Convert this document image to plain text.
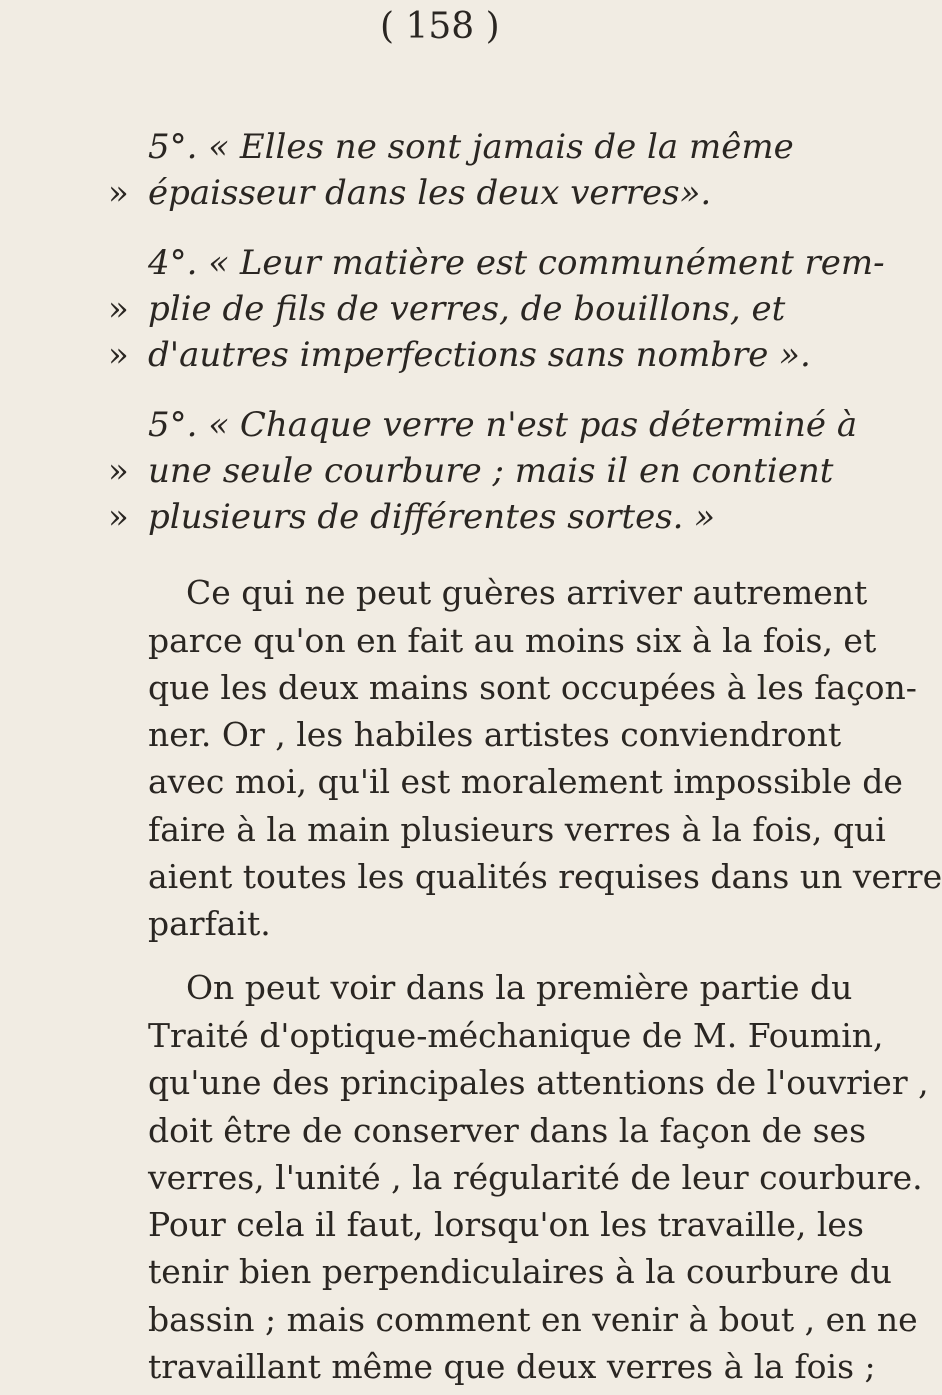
( 158 )
5°. « Elles ne sont jamais de la même
» épaisseur dans les deux verres».
4°. « Leur matière est communément rem-
» plie de fils de verres, de bouillons, et
» d'autres imperfections sans nombre ».
5°. « Chaque verre n'est pas déterminé à
» une seule courbure ; mais il en contient
» plusieurs de différentes sortes. »
Ce qui ne peut guères arriver autrement
parce qu'on en fait au moins six à la fois, et
que les deux mains sont occupées à les façon-
ner. Or , les habiles artistes conviendront
avec moi, qu'il est moralement impossible de
faire à la main plusieurs verres à la fois, qui
aient toutes les qualités requises dans un verre
parfait.
On peut voir dans la première partie du
Traité d'optique-méchanique de M. Foumin,
qu'une des principales attentions de l'ouvrier ,
doit être de conserver dans la façon de ses
verres, l'unité , la régularité de leur courbure.
Pour cela il faut, lorsqu'on les travaille, les
tenir bien perpendiculaires à la courbure du
bassin ; mais comment en venir à bout , en ne
travaillant même que deux verres à la fois ;
